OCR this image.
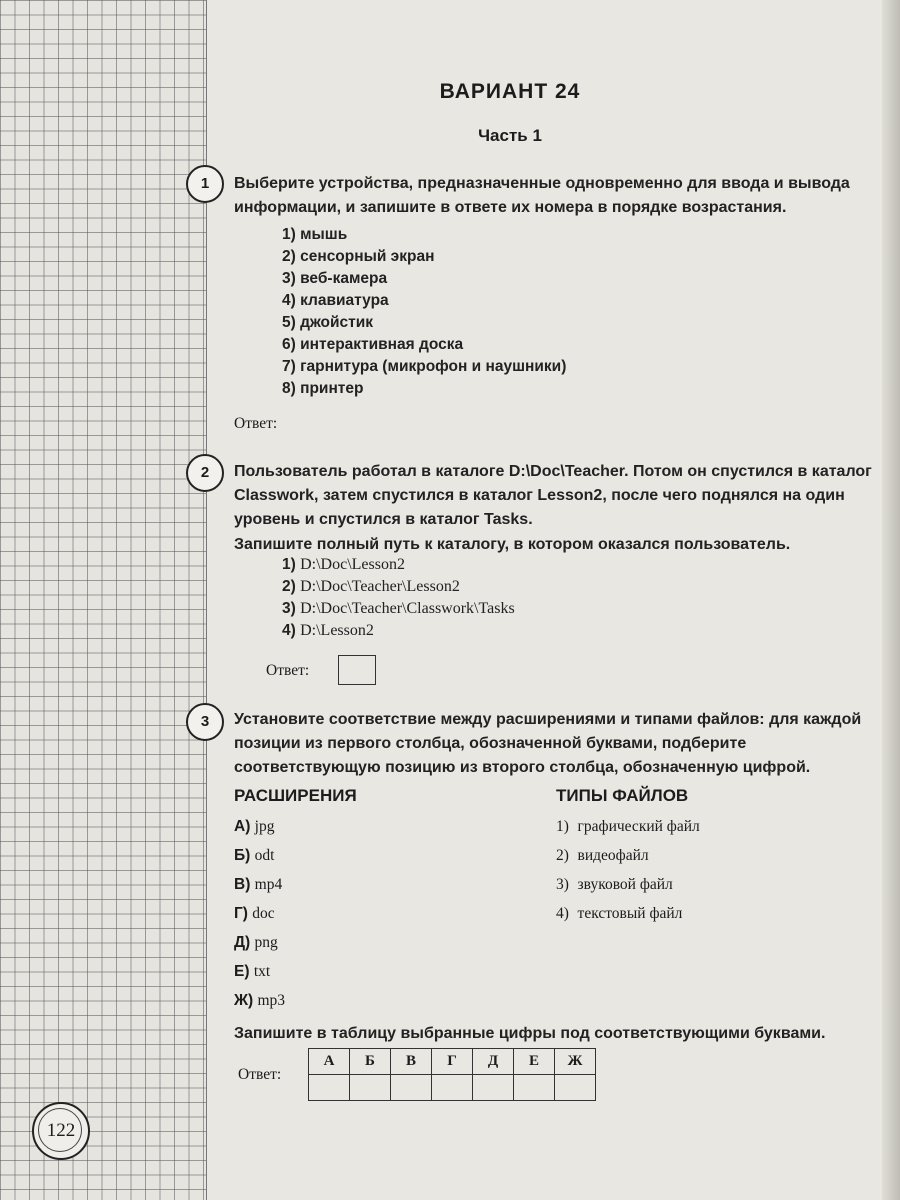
ВАРИАНТ 24
Часть 1
1	Выберите устройства, предназначенные одновременно для ввода и вывода информации, и запишите в ответе их номера в порядке возрастания.
1) мышь
2) сенсорный экран
3) веб-камера
4) клавиатура
5) джойстик
6) интерактивная доска
7) гарнитура (микрофон и наушники)
8) принтер
Ответ:
2	Пользователь работал в каталоге D:\Doc\Teacher. Потом он спустился в каталог Classwork, затем спустился в каталог Lesson2, после чего поднялся на один уровень и спустился в каталог Tasks.
Запишите полный путь к каталогу, в котором оказался пользователь.
1) D:\Doc\Lesson2
2) D:\Doc\Teacher\Lesson2
3) D:\Doc\Teacher\Classwork\Tasks
4) D:\Lesson2
Ответ:
3	Установите соответствие между расширениями и типами файлов: для каждой позиции из первого столбца, обозначенной буквами, подберите соответствующую позицию из второго столбца, обозначенную цифрой.
РАСШИРЕНИЯ	ТИПЫ ФАЙЛОВ
А) jpg
Б) odt
В) mp4
Г) doc
Д) png
Е) txt
Ж) mp3
1) графический файл
2) видеофайл
3) звуковой файл
4) текстовый файл
Запишите в таблицу выбранные цифры под соответствующими буквами.
Ответ:
А	Б	В	Г	Д	Е	Ж

122
